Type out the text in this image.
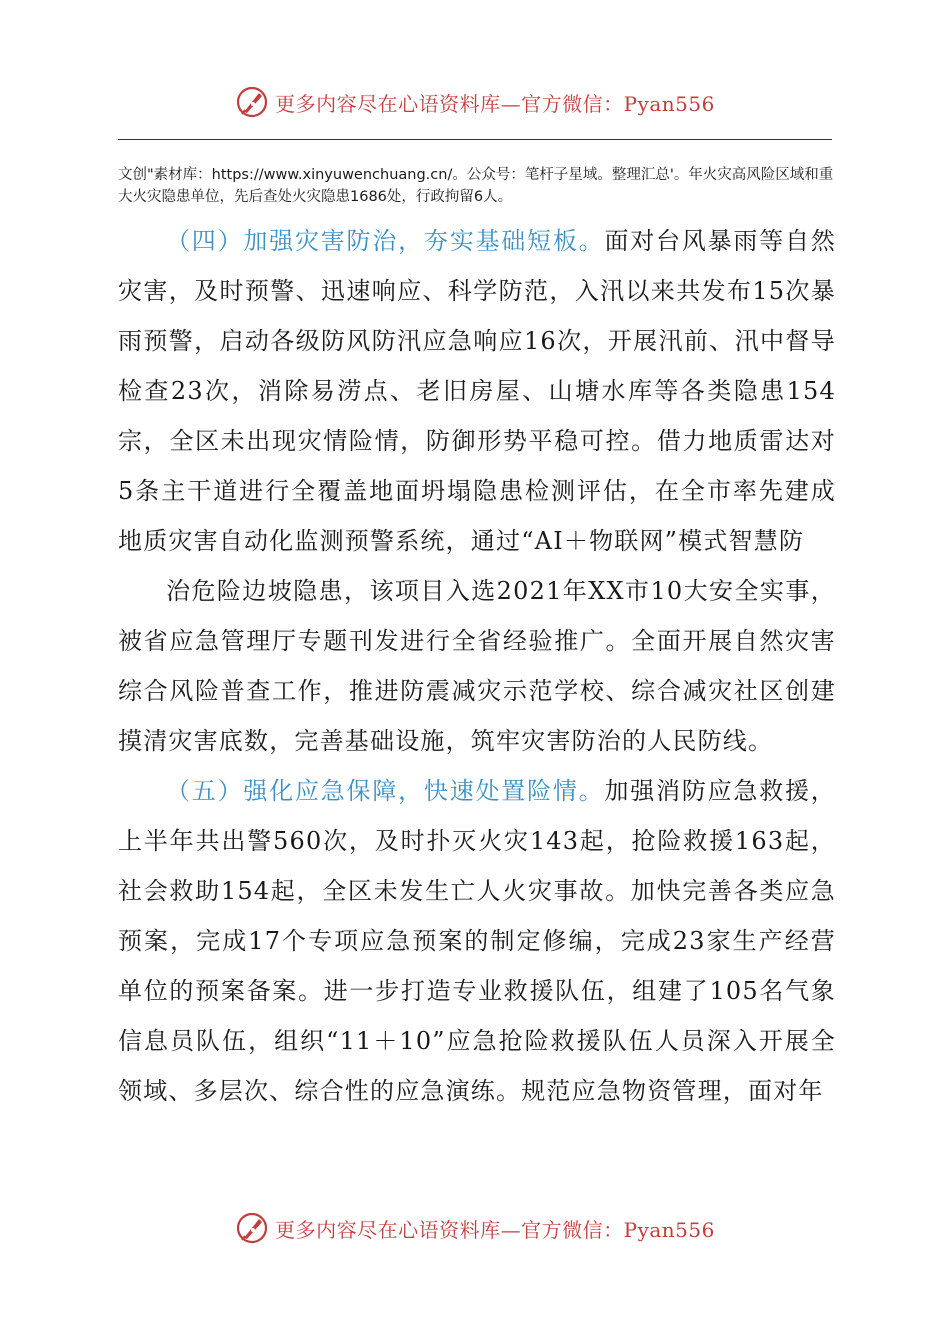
更多内容尽在心语资料库—官方微信：Pyan556
文创"素材库：https://www.xinyuwenchuang.cn/。公众号：笔杆子星域。整理汇总'。年火灾高风险区域和重大火灾隐患单位，先后查处火灾隐患1686处，行政拘留6人。

（四）加强灾害防治，夯实基础短板。面对台风暴雨等自然灾害，及时预警、迅速响应、科学防范，入汛以来共发布15次暴雨预警，启动各级防风防汛应急响应16次，开展汛前、汛中督导检查23次，消除易涝点、老旧房屋、山塘水库等各类隐患154宗，全区未出现灾情险情，防御形势平稳可控。借力地质雷达对5条主干道进行全覆盖地面坍塌隐患检测评估，在全市率先建成地质灾害自动化监测预警系统，通过“AI＋物联网”模式智慧防

治危险边坡隐患，该项目入选2021年XX市10大安全实事，被省应急管理厅专题刊发进行全省经验推广。全面开展自然灾害综合风险普查工作，推进防震减灾示范学校、综合减灾社区创建摸清灾害底数，完善基础设施，筑牢灾害防治的人民防线。

（五）强化应急保障，快速处置险情。加强消防应急救援，上半年共出警560次，及时扑灭火灾143起，抢险救援163起，社会救助154起，全区未发生亡人火灾事故。加快完善各类应急预案，完成17个专项应急预案的制定修编，完成23家生产经营单位的预案备案。进一步打造专业救援队伍，组建了105名气象信息员队伍，组织“11＋10”应急抢险救援队伍人员深入开展全领域、多层次、综合性的应急演练。规范应急物资管理，面对年

更多内容尽在心语资料库—官方微信：Pyan556
